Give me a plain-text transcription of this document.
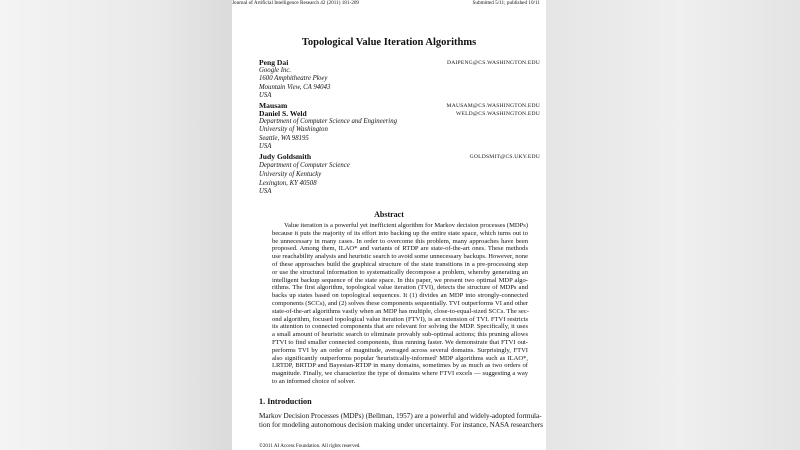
Journal of Artificial Intelligence Research 42 (2011) 181-209	Submitted 5/11; published 10/11
Topological Value Iteration Algorithms
Peng Dai	DAIPENG@CS.WASHINGTON.EDU
Google Inc.
1600 Amphitheatre Pkwy
Mountain View, CA 94043
USA
Mausam	MAUSAM@CS.WASHINGTON.EDU
Daniel S. Weld	WELD@CS.WASHINGTON.EDU
Department of Computer Science and Engineering
University of Washington
Seattle, WA 98195
USA
Judy Goldsmith	GOLDSMIT@CS.UKY.EDU
Department of Computer Science
University of Kentucky
Lexington, KY 40508
USA
Abstract
Value iteration is a powerful yet inefficient algorithm for Markov decision processes (MDPs)
because it puts the majority of its effort into backing up the entire state space, which turns out to
be unnecessary in many cases. In order to overcome this problem, many approaches have been
proposed. Among them, ILAO* and variants of RTDP are state-of-the-art ones. These methods
use reachability analysis and heuristic search to avoid some unnecessary backups. However, none
of these approaches build the graphical structure of the state transitions in a pre-processing step
or use the structural information to systematically decompose a problem, whereby generating an
intelligent backup sequence of the state space. In this paper, we present two optimal MDP algo-
rithms. The first algorithm, topological value iteration (TVI), detects the structure of MDPs and
backs up states based on topological sequences. It (1) divides an MDP into strongly-connected
components (SCCs), and (2) solves these components sequentially. TVI outperforms VI and other
state-of-the-art algorithms vastly when an MDP has multiple, close-to-equal-sized SCCs. The sec-
ond algorithm, focused topological value iteration (FTVI), is an extension of TVI. FTVI restricts
its attention to connected components that are relevant for solving the MDP. Specifically, it uses
a small amount of heuristic search to eliminate provably sub-optimal actions; this pruning allows
FTVI to find smaller connected components, thus running faster. We demonstrate that FTVI out-
performs TVI by an order of magnitude, averaged across several domains. Surprisingly, FTVI
also significantly outperforms popular 'heuristically-informed' MDP algorithms such as ILAO*,
LRTDP, BRTDP and Bayesian-RTDP in many domains, sometimes by as much as two orders of
magnitude. Finally, we characterize the type of domains where FTVI excels — suggesting a way
to an informed choice of solver.
1. Introduction
Markov Decision Processes (MDPs) (Bellman, 1957) are a powerful and widely-adopted formula-
tion for modeling autonomous decision making under uncertainty. For instance, NASA researchers
©2011 AI Access Foundation. All rights reserved.
